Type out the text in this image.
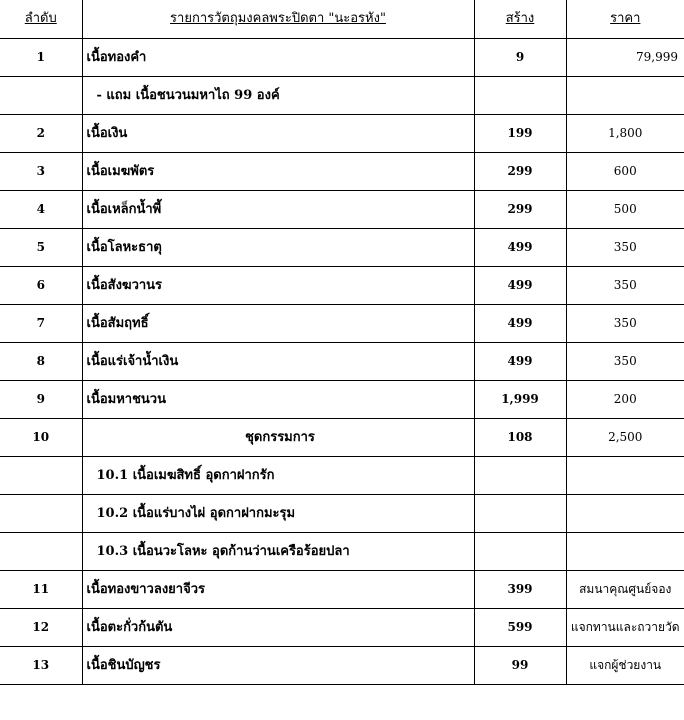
ลำดับ	รายการวัตถุมงคลพระปิดตา "นะอรหัง"	สร้าง	ราคา
1	เนื้อทองคำ	9	79,999
	- แถม เนื้อชนวนมหาไถ 99 องค์		
2	เนื้อเงิน	199	1,800
3	เนื้อเมฆพัตร	299	600
4	เนื้อเหล็กน้ำพี้	299	500
5	เนื้อโลหะธาตุ	499	350
6	เนื้อสังฆวานร	499	350
7	เนื้อสัมฤทธิ์	499	350
8	เนื้อแร่เจ้าน้ำเงิน	499	350
9	เนื้อมหาชนวน	1,999	200
10	ชุดกรรมการ	108	2,500
	10.1 เนื้อเมฆสิทธิ์ อุดกาฝากรัก		
	10.2 เนื้อแร่บางไผ่ อุดกาฝากมะรุม		
	10.3 เนื้อนวะโลหะ อุดก้านว่านเครือร้อยปลา		
11	เนื้อทองขาวลงยาจีวร	399	สมนาคุณศูนย์จอง
12	เนื้อตะกั่วก้นตัน	599	แจกทานและถวายวัด
13	เนื้อชินบัญชร	99	แจกผู้ช่วยงาน
